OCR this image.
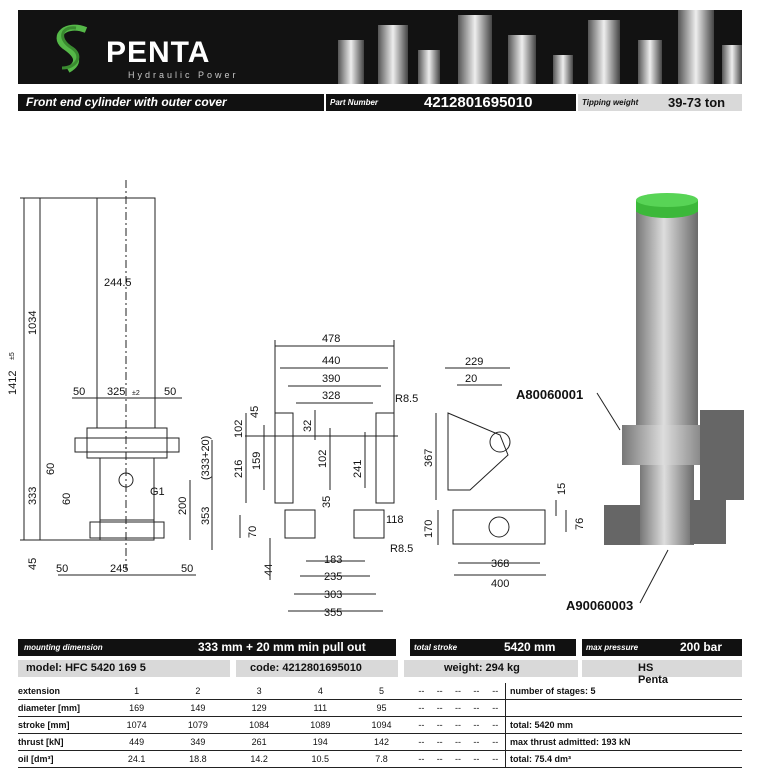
PENTA
Hydraulic Power
Front end cylinder with outer cover	Part Number	4212801695010	Tipping weight 39-73 ton
244.5
1412
±5
1034
50 325 ±2 50
60
60
333	G1
200
353
(333+20)
45 50	245	50
478
440
390
328	R8.5
45
102	32
216 159	102
241
35
70
118
R8.5
44
183
235
303
355
229
20
367
170
15
76
368
400
A80060001
A90060003
mounting dimension	333 mm + 20 mm min pull out	total stroke	5420 mm	max pressure	200 bar
model: HFC 5420 169 5	code: 4212801695010	weight: 294 kg	HS Penta
extension	1	2	3	4	5	--	--	--	--	--	number of stages: 5
diameter [mm]	169	149	129	111	95	--	--	--	--	--	
stroke [mm]	1074	1079	1084	1089	1094	--	--	--	--	--	total: 5420 mm
thrust [kN]	449	349	261	194	142	--	--	--	--	--	max thrust admitted: 193 kN
oil [dm³]	24.1	18.8	14.2	10.5	7.8	--	--	--	--	--	total: 75.4 dm³
